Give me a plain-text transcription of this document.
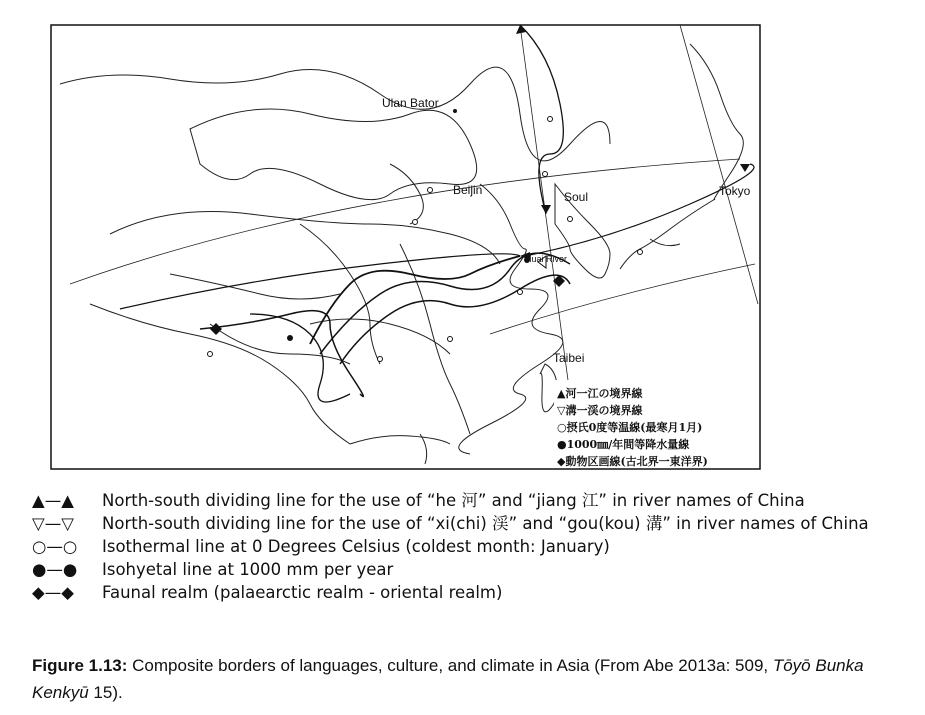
Ulan Bator
Beijin	Soul	Tokyo
Huai River
Taibei
▲河一江の境界線
▽溝一渓の境界線
○摂氏0度等温線(最寒月1月)
●1000㎜/年間等降水量線
◆動物区画線(古北界一東洋界)
▲—▲	North-south dividing line for the use of “he 河” and “jiang 江” in river names of China
▽—▽	North-south dividing line for the use of “xi(chi) 渓” and “gou(kou) 溝” in river names of China
○—○	Isothermal line at 0 Degrees Celsius (coldest month: January)
●—●	Isohyetal line at 1000 mm per year
◆—◆	Faunal realm (palaearctic realm - oriental realm)
Figure 1.13: Composite borders of languages, culture, and climate in Asia (From Abe 2013a: 509, Tōyō Bunka Kenkyū 15).
